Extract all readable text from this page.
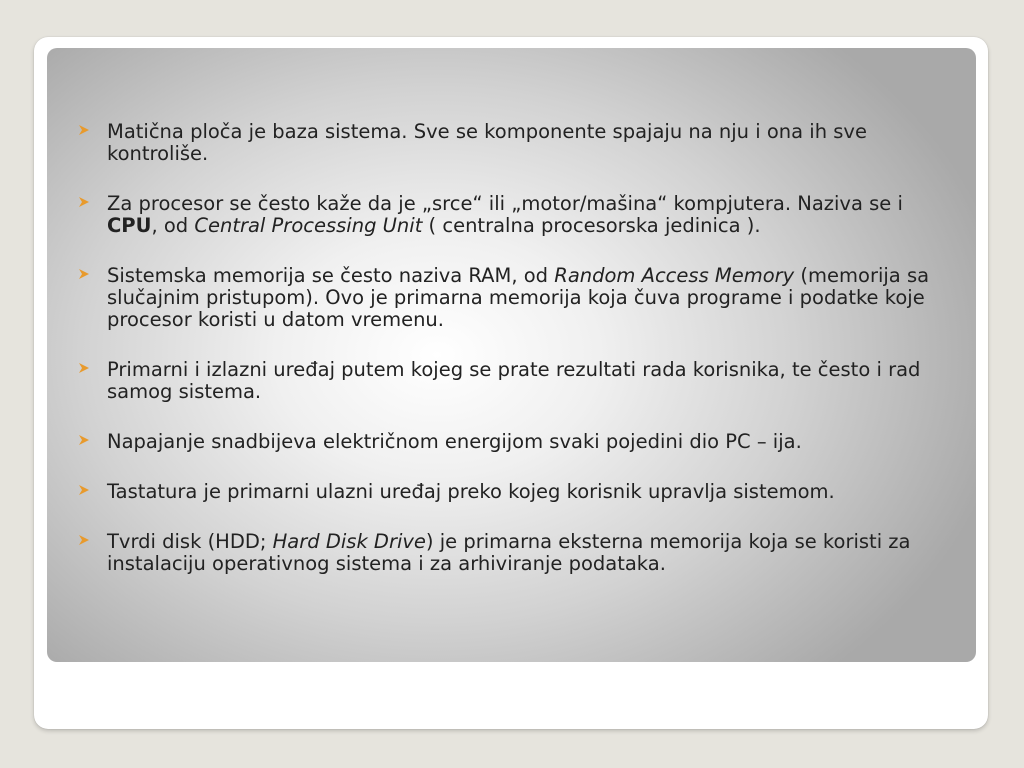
Matična ploča je baza sistema. Sve se komponente spajaju na nju i ona ih sve kontroliše.
Za procesor se često kaže da je „srce“ ili „motor/mašina“ kompjutera. Naziva se i CPU, od Central Processing Unit ( centralna procesorska jedinica ).
Sistemska memorija se često naziva RAM, od Random Access Memory (memorija sa slučajnim pristupom). Ovo je primarna memorija koja čuva programe i podatke koje procesor koristi u datom vremenu.
Primarni i izlazni uređaj putem kojeg se prate rezultati rada korisnika, te često i rad samog sistema.
Napajanje snadbijeva električnom energijom svaki pojedini dio PC – ija.
Tastatura je primarni ulazni uređaj preko kojeg korisnik upravlja sistemom.
Tvrdi disk (HDD; Hard Disk Drive) je primarna eksterna memorija koja se koristi za instalaciju operativnog sistema i za arhiviranje podataka.
